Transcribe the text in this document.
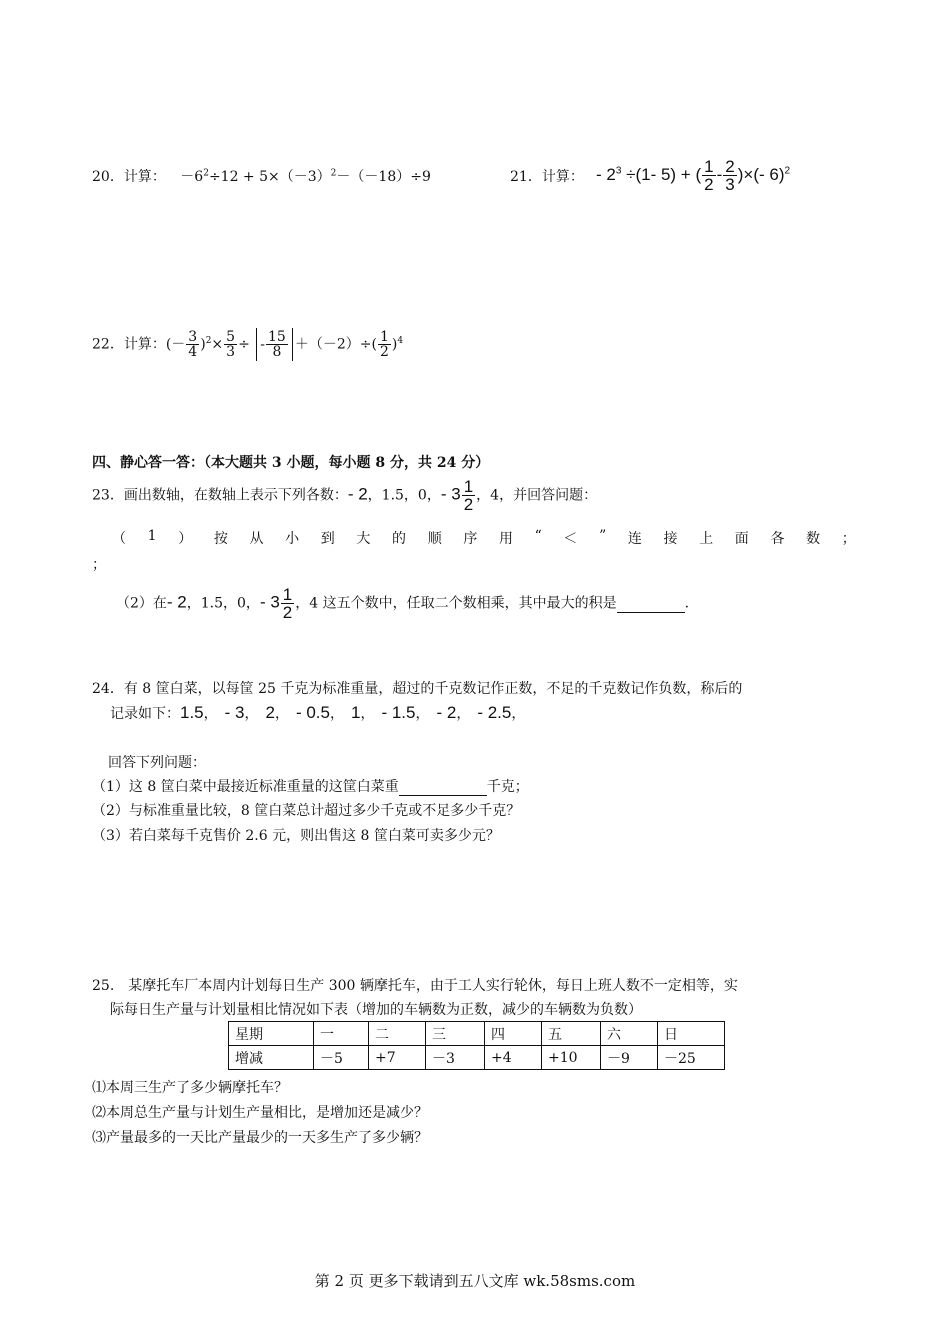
20．计算： $-6^2\div 12 + 5\times(-3)^2-(-18)\div 9$	21．计算： - $2^3 \div(1-$ 5) + ( $\frac{1}{2} - \frac{2}{3}$ )×(- 6)$^2$
22．计算：(－ $\frac{3}{4} )^2\times \frac{5}{3}$ ÷ - $\frac{15}{8} +(-2)\div( \frac{1}{2} )^4$
四、静心答一答：（本大题共 3 小题，每小题 8 分，共 24 分）
23．画出数轴，在数轴上表示下列各数：- 2，1.5，0，- $3 \frac{1}{2}$ ，4，并回答问题：
（ 1 ） 按 从 小 到 大 的 顺 序 用 “ ＜ ” 连 接 上 面 各 数 ；
；
（2）在- 2，1.5，0，- $3 \frac{1}{2}$ ，4 这五个数中，任取二个数相乘，其中最大的积是	.
24．有 8 筐白菜，以每筐 25 千克为标准重量，超过的千克数记作正数，不足的千克数记作负数，称后的
记录如下：1.5，　- 3，　2，　- 0.5，　1，　- 1.5，　- 2，　- 2.5，
回答下列问题：
（1）这 8 筐白菜中最接近标准重量的这筐白菜重	千克；
（2）与标准重量比较，8 筐白菜总计超过多少千克或不足多少千克？
（3）若白菜每千克售价 2.6 元，则出售这 8 筐白菜可卖多少元？
25.　某摩托车厂本周内计划每日生产 300 辆摩托车，由于工人实行轮休，每日上班人数不一定相等，实
际每日生产量与计划量相比情况如下表（增加的车辆数为正数，减少的车辆数为负数）
星期	一	二	三	四	五	六	日
增减	－5	+7	－3	+4	+10	－9	－25
⑴本周三生产了多少辆摩托车？
⑵本周总生产量与计划生产量相比，是增加还是减少？
⑶产量最多的一天比产量最少的一天多生产了多少辆？
第 2 页 更多下载请到五八文库 wk.58sms.com
